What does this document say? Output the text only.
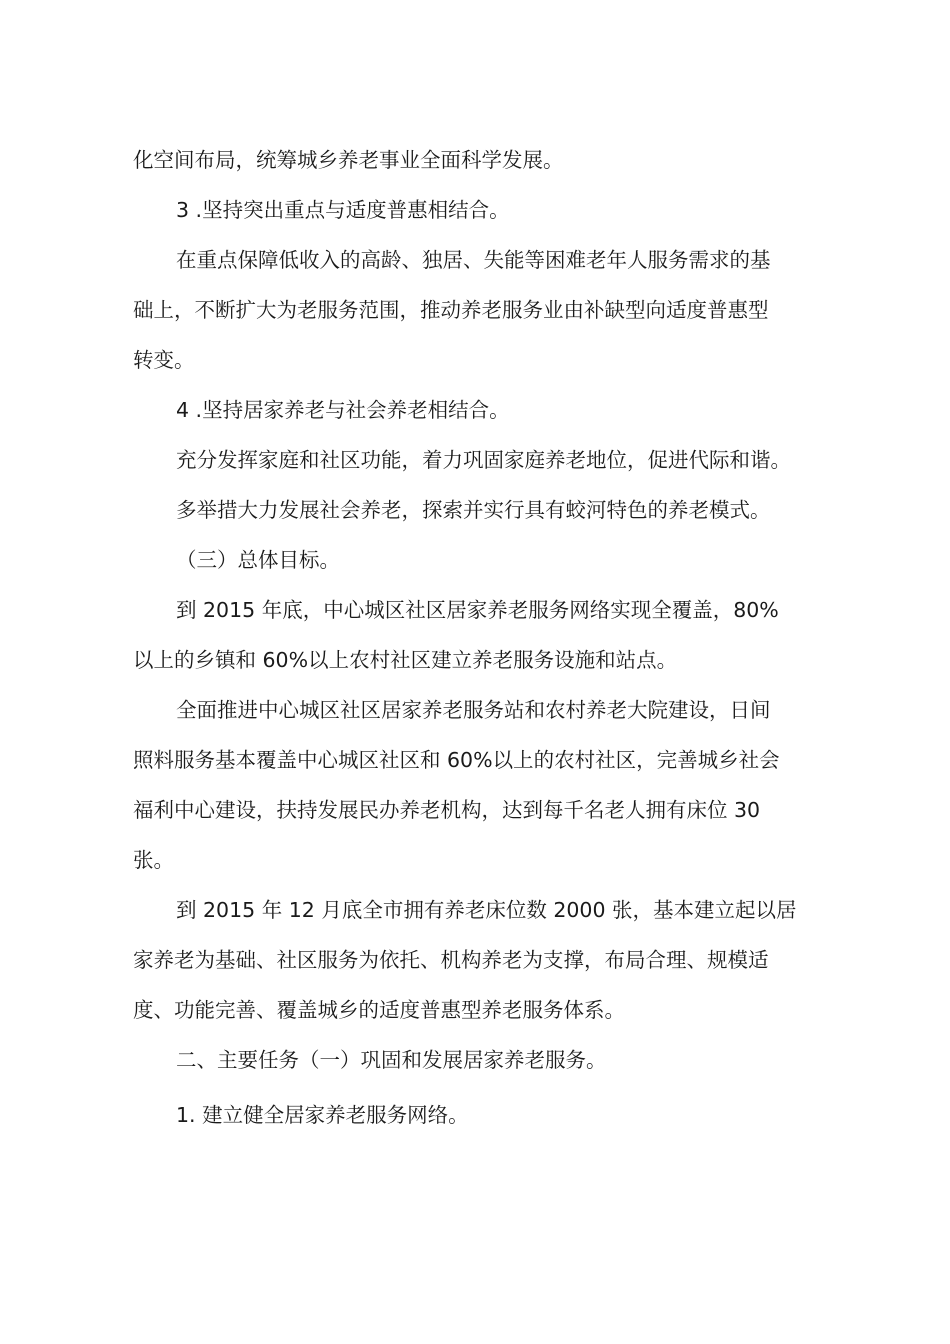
化空间布局，统筹城乡养老事业全面科学发展。
3 .坚持突出重点与适度普惠相结合。
在重点保障低收入的高龄、独居、失能等困难老年人服务需求的基
础上，不断扩大为老服务范围，推动养老服务业由补缺型向适度普惠型
转变。
4 .坚持居家养老与社会养老相结合。
充分发挥家庭和社区功能，着力巩固家庭养老地位，促进代际和谐。
多举措大力发展社会养老，探索并实行具有蛟河特色的养老模式。
（三）总体目标。
到 2015 年底，中心城区社区居家养老服务网络实现全覆盖，80%
以上的乡镇和 60%以上农村社区建立养老服务设施和站点。
全面推进中心城区社区居家养老服务站和农村养老大院建设，日间
照料服务基本覆盖中心城区社区和 60%以上的农村社区，完善城乡社会
福利中心建设，扶持发展民办养老机构，达到每千名老人拥有床位 30
张。
到 2015 年 12 月底全市拥有养老床位数 2000 张，基本建立起以居
家养老为基础、社区服务为依托、机构养老为支撑，布局合理、规模适
度、功能完善、覆盖城乡的适度普惠型养老服务体系。
二、主要任务（一）巩固和发展居家养老服务。
1. 建立健全居家养老服务网络。
